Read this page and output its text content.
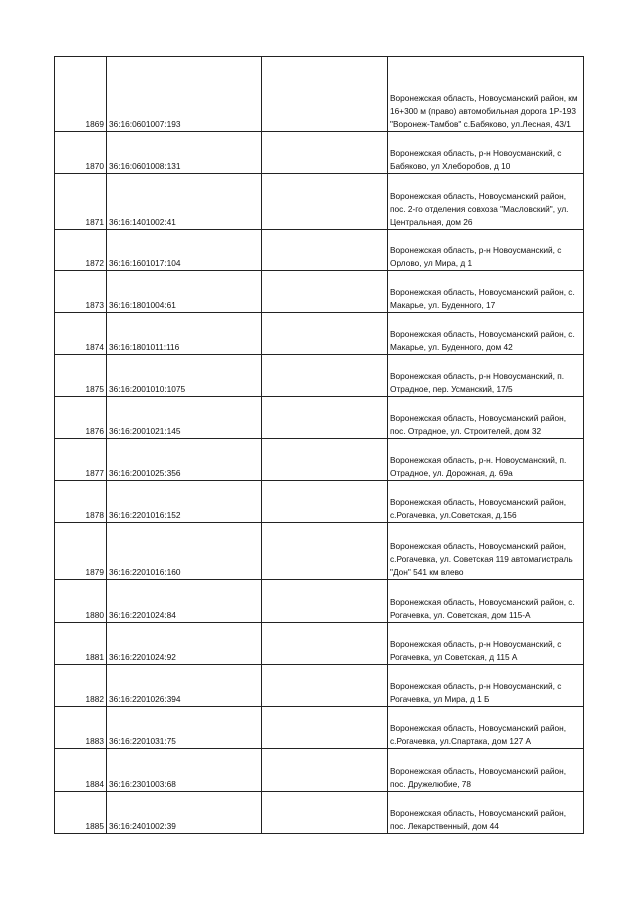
1869	36:16:0601007:193		Воронежская область, Новоусманский район, км 16+300 м (право) автомобильная дорога 1Р-193 "Воронеж-Тамбов" с.Бабяково, ул.Лесная, 43/1
1870	36:16:0601008:131		Воронежская область, р-н Новоусманский, с Бабяково, ул Хлеборобов, д 10
1871	36:16:1401002:41		Воронежская область, Новоусманский район, пос. 2-го отделения совхоза "Масловский", ул. Центральная, дом 26
1872	36:16:1601017:104		Воронежская область, р-н Новоусманский, с Орлово, ул Мира, д 1
1873	36:16:1801004:61		Воронежская область, Новоусманский район, с. Макарье, ул. Буденного, 17
1874	36:16:1801011:116		Воронежская область, Новоусманский район, с. Макарье, ул. Буденного, дом 42
1875	36:16:2001010:1075		Воронежская область, р-н Новоусманский, п. Отрадное, пер. Усманский, 17/5
1876	36:16:2001021:145		Воронежская область, Новоусманский район, пос. Отрадное, ул. Строителей, дом 32
1877	36:16:2001025:356		Воронежская область, р-н. Новоусманский, п. Отрадное, ул. Дорожная, д. 69а
1878	36:16:2201016:152		Воронежская область, Новоусманский район, с.Рогачевка, ул.Советская, д.156
1879	36:16:2201016:160		Воронежская область, Новоусманский район, с.Рогачевка, ул. Советская 119 автомагистраль "Дон" 541 км влево
1880	36:16:2201024:84		Воронежская область, Новоусманский район, с. Рогачевка, ул. Советская, дом 115-А
1881	36:16:2201024:92		Воронежская область, р-н Новоусманский, с Рогачевка, ул Советская, д 115 А
1882	36:16:2201026:394		Воронежская область, р-н Новоусманский, с Рогачевка, ул Мира, д 1 Б
1883	36:16:2201031:75		Воронежская область, Новоусманский район, с.Рогачевка, ул.Спартака, дом 127 А
1884	36:16:2301003:68		Воронежская область, Новоусманский район, пос. Дружелюбие, 78
1885	36:16:2401002:39		Воронежская область, Новоусманский район, пос. Лекарственный, дом 44
